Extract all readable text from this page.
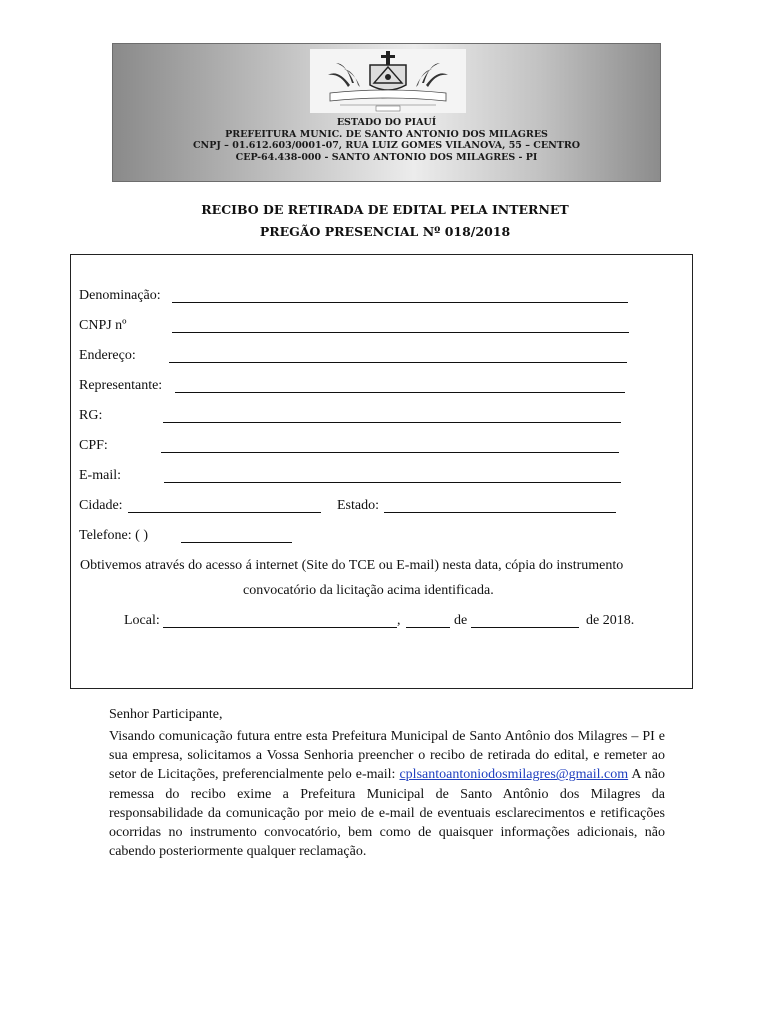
ESTADO DO PIAUÍ
PREFEITURA MUNIC. DE SANTO ANTONIO DOS MILAGRES
CNPJ – 01.612.603/0001-07, RUA LUIZ GOMES VILANOVA, 55 – CENTRO
CEP-64.438-000 - SANTO ANTONIO DOS MILAGRES - PI
RECIBO DE RETIRADA DE EDITAL PELA INTERNET
PREGÃO PRESENCIAL Nº 018/2018
Denominação:
CNPJ nº
Endereço:
Representante:
RG:
CPF:
E-mail:
Cidade:	Estado:
Telefone: ( )
Obtivemos através do acesso á internet (Site do TCE ou E-mail) nesta data, cópia do instrumento
convocatório da licitação acima identificada.
Local:	,	de	de 2018.
Senhor Participante,
Visando comunicação futura entre esta Prefeitura Municipal de Santo Antônio dos Milagres – PI e sua empresa, solicitamos a Vossa Senhoria preencher o recibo de retirada do edital, e remeter ao setor de Licitações, preferencialmente pelo e-mail: cplsantoantoniodosmilagres@gmail.com A não remessa do recibo exime a Prefeitura Municipal de Santo Antônio dos Milagres da responsabilidade da comunicação por meio de e-mail de eventuais esclarecimentos e retificações ocorridas no instrumento convocatório, bem como de quaisquer informações adicionais, não cabendo posteriormente qualquer reclamação.
